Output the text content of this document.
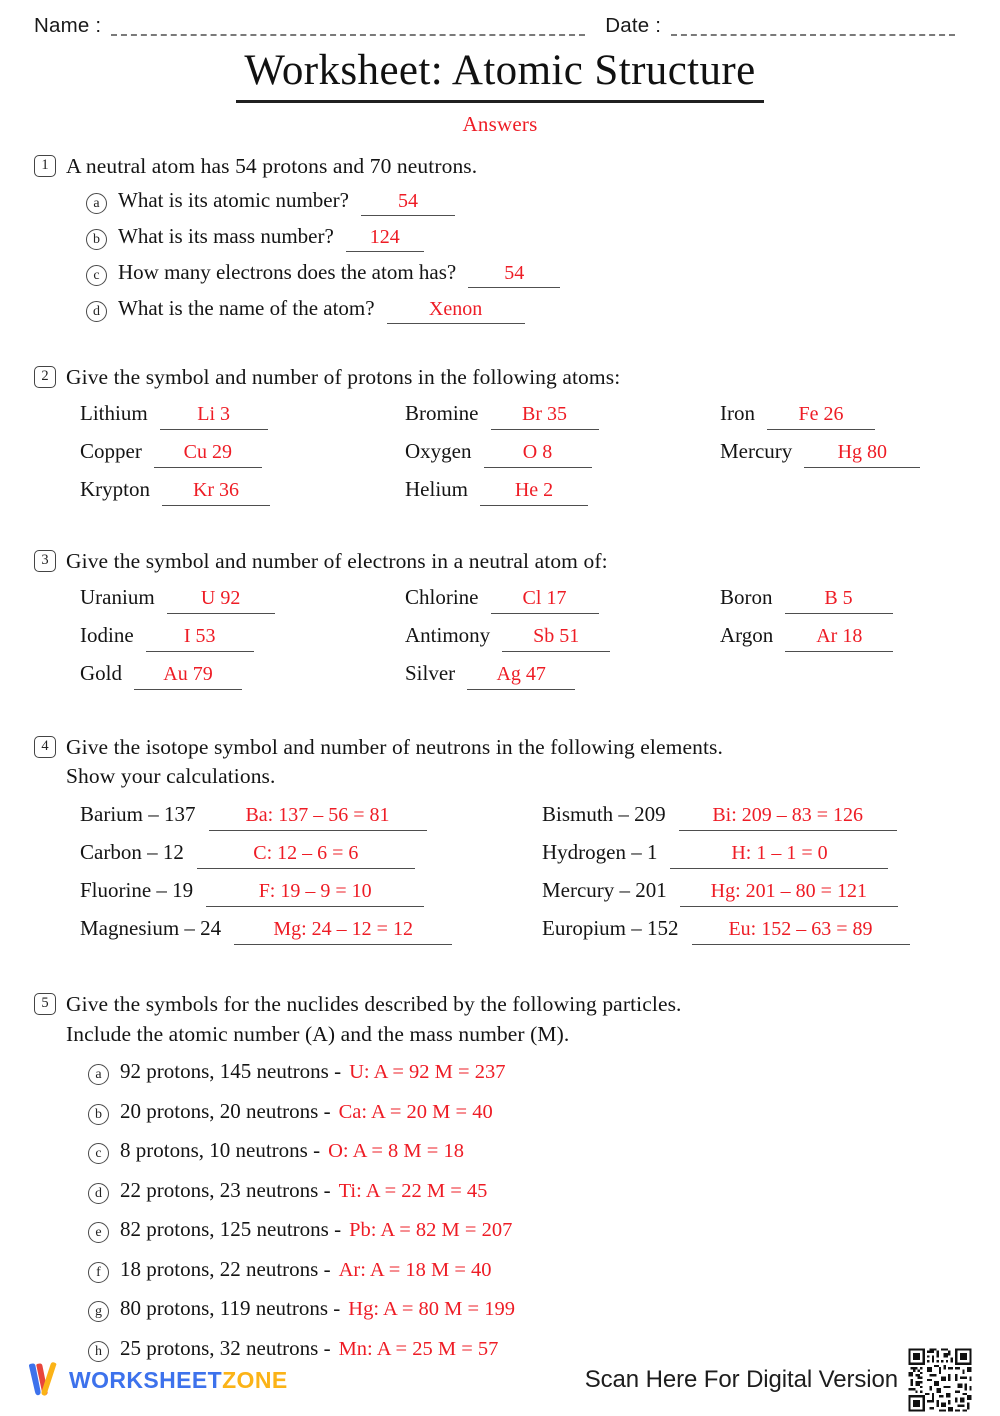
Name :	Date :
Worksheet: Atomic Structure
Answers
1 A neutral atom has 54 protons and 70 neutrons.
a What is its atomic number?	54
b What is its mass number?	124
c How many electrons does the atom has?	54
d What is the name of the atom?	Xenon
2 Give the symbol and number of protons in the following atoms:
Lithium	Li 3	Bromine	Br 35	Iron	Fe 26
Copper	Cu 29	Oxygen	O 8	Mercury	Hg 80
Krypton	Kr 36	Helium	He 2
3 Give the symbol and number of electrons in a neutral atom of:
Uranium	U 92	Chlorine	Cl 17	Boron	B 5
Iodine	I 53	Antimony	Sb 51	Argon	Ar 18
Gold	Au 79	Silver	Ag 47
4 Give the isotope symbol and number of neutrons in the following elements.
Show your calculations.
Barium – 137	Ba: 137 – 56 = 81	Bismuth – 209	Bi: 209 – 83 = 126
Carbon – 12	C: 12 – 6 = 6	Hydrogen – 1	H: 1 – 1 = 0
Fluorine – 19	F: 19 – 9 = 10	Mercury – 201	Hg: 201 – 80 = 121
Magnesium – 24	Mg: 24 – 12 = 12	Europium – 152	Eu: 152 – 63 = 89
5 Give the symbols for the nuclides described by the following particles.
Include the atomic number (A) and the mass number (M).
a 92 protons, 145 neutrons - U: A = 92 M = 237
b 20 protons, 20 neutrons - Ca: A = 20 M = 40
c 8 protons, 10 neutrons - O: A = 8 M = 18
d 22 protons, 23 neutrons - Ti: A = 22 M = 45
e 82 protons, 125 neutrons - Pb: A = 82 M = 207
f 18 protons, 22 neutrons - Ar: A = 18 M = 40
g 80 protons, 119 neutrons - Hg: A = 80 M = 199
h 25 protons, 32 neutrons - Mn: A = 25 M = 57
WORKSHEETZONE	Scan Here For Digital Version
